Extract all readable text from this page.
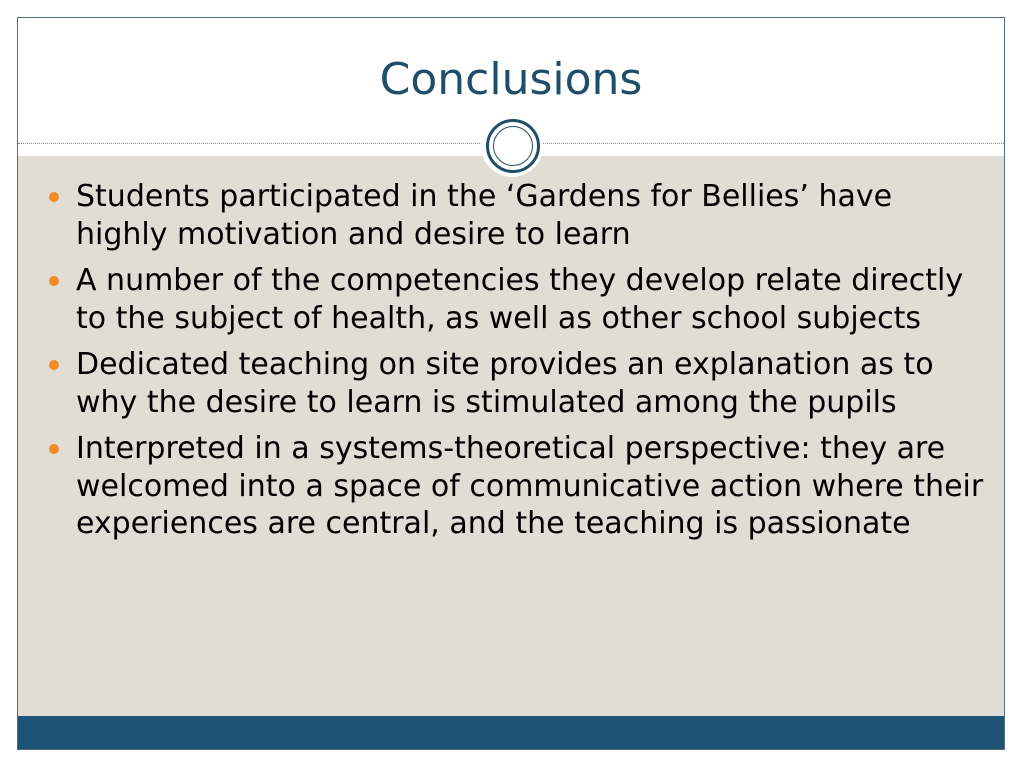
Conclusions
Students participated in the ‘Gardens for Bellies’ have highly motivation and desire to learn
A number of the competencies they develop relate directly to the subject of health, as well as other school subjects
Dedicated teaching on site provides an explanation as to why the desire to learn is stimulated among the pupils
Interpreted in a systems-theoretical perspective: they are welcomed into a space of communicative action where their experiences are central, and the teaching is passionate
